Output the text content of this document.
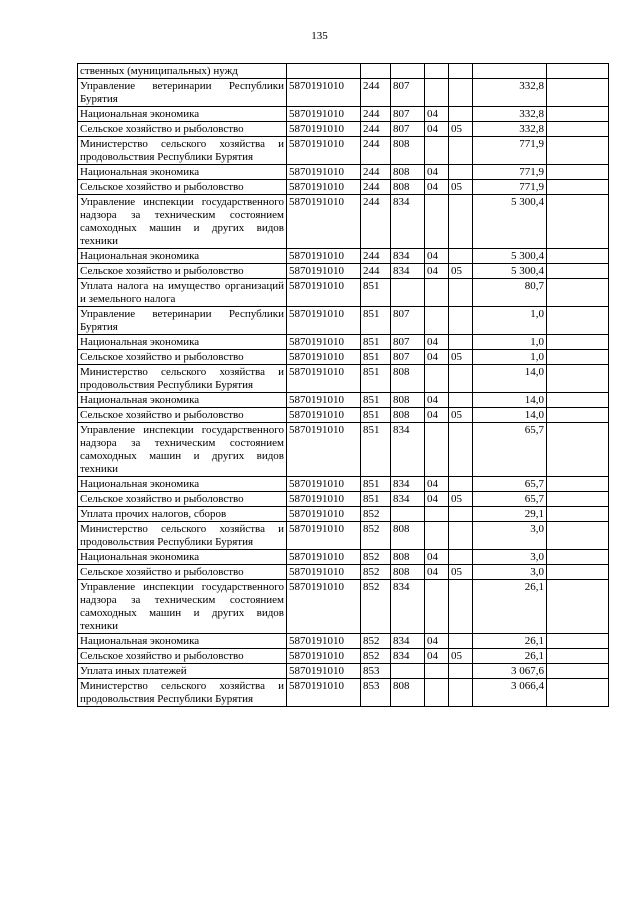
135
ственных (муниципальных) нужд							
Управление ветеринарии Республики Бурятия	5870191010	244	807			332,8	
Национальная экономика	5870191010	244	807	04		332,8	
Сельское хозяйство и рыболовство	5870191010	244	807	04	05	332,8	
Министерство сельского хозяйства и продовольствия Республики Бурятия	5870191010	244	808			771,9	
Национальная экономика	5870191010	244	808	04		771,9	
Сельское хозяйство и рыболовство	5870191010	244	808	04	05	771,9	
Управление инспекции государственного надзора за техническим состоянием самоходных машин и других видов техники	5870191010	244	834			5 300,4	
Национальная экономика	5870191010	244	834	04		5 300,4	
Сельское хозяйство и рыболовство	5870191010	244	834	04	05	5 300,4	
Уплата налога на имущество организаций и земельного налога	5870191010	851				80,7	
Управление ветеринарии Республики Бурятия	5870191010	851	807			1,0	
Национальная экономика	5870191010	851	807	04		1,0	
Сельское хозяйство и рыболовство	5870191010	851	807	04	05	1,0	
Министерство сельского хозяйства и продовольствия Республики Бурятия	5870191010	851	808			14,0	
Национальная экономика	5870191010	851	808	04		14,0	
Сельское хозяйство и рыболовство	5870191010	851	808	04	05	14,0	
Управление инспекции государственного надзора за техническим состоянием самоходных машин и других видов техники	5870191010	851	834			65,7	
Национальная экономика	5870191010	851	834	04		65,7	
Сельское хозяйство и рыболовство	5870191010	851	834	04	05	65,7	
Уплата прочих налогов, сборов	5870191010	852				29,1	
Министерство сельского хозяйства и продовольствия Республики Бурятия	5870191010	852	808			3,0	
Национальная экономика	5870191010	852	808	04		3,0	
Сельское хозяйство и рыболовство	5870191010	852	808	04	05	3,0	
Управление инспекции государственного надзора за техническим состоянием самоходных машин и других видов техники	5870191010	852	834			26,1	
Национальная экономика	5870191010	852	834	04		26,1	
Сельское хозяйство и рыболовство	5870191010	852	834	04	05	26,1	
Уплата иных платежей	5870191010	853				3 067,6	
Министерство сельского хозяйства и продовольствия Республики Бурятия	5870191010	853	808			3 066,4	
